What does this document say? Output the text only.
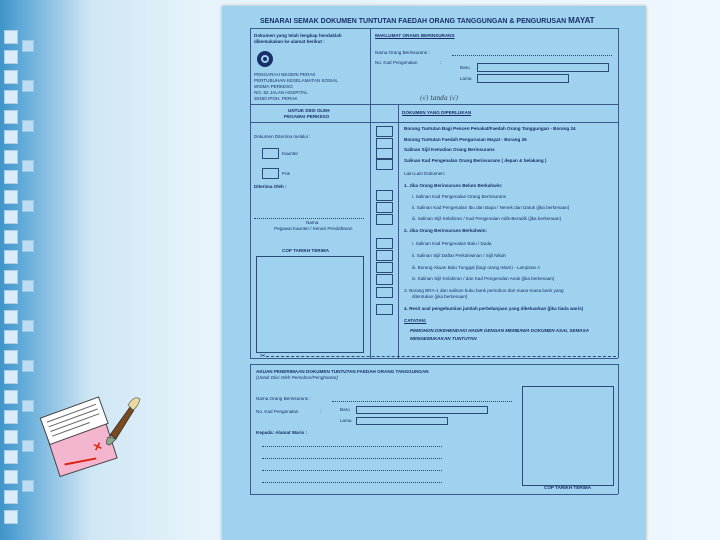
SENARAI SEMAK DOKUMEN TUNTUTAN FAEDAH ORANG TANGGUNGAN & PENGURUSAN MAYAT
Dokumen yang telah lengkap hendaklah
dikemukakan ke alamat berikut :
PENGARAH NEGERI PERAK
PERTUBUHAN KESELAMATAN SOSIAL
WISMA PERKESO
NO. 82 JALAN HOSPITAL
30450 IPOH, PERAK
MAKLUMAT ORANG BERINSURANS
Nama Orang Berinsurans :
No. Kad Pengenalan	:
Baru
Lama
(√) tanda (√)
UNTUK DIISI OLEH
PEGAWAI PERKESO
DOKUMEN YANG DIPERLUKAN
Dokumen Diterima melalui :
Kaunter
Pos
Diterima Oleh :
Nama
Pegawai Kaunter / Kerani Pendaftaran
COP TARIKH TERIMA
Borang Tuntutan Bagi Pencen Penakat/Faedah Orang Tanggungan - Borang 24
Borang Tuntutan Faedah Pengurusan Mayat - Borang 26
Salinan Sijil Kematian Orang Berinsurans
Salinan Kad Pengenalan Orang Berinsurans ( depan & belakang )
Lain-Lain Dokumen:
1. Jika Orang Berinsurans Belum Berkahwin:
i. Salinan Kad Pengenalan Orang Berinsurans
ii. Salinan Kad Pengenalan Ibu dan Bapa / Nenek dan Datuk (jika berkenaan)
iii. Salinan Sijil Kelahiran / Kad Pengenalan Adik-Beradik (jika berkenaan)
2. Jika Orang Berinsurans Berkahwin:
i. Salinan Kad Pengenalan Balu / Duda
ii. Salinan Sijil Daftar Perkahwinan / Sijil Nikah
iii. Borang Akuan Balu Tunggal (bagi orang Islam) - Lampiran A
iv. Salinan Sijil Kelahiran / dan Kad Pengenalan Anak (jika berkenaan)
3. Borang BRA-1 dan salinan buku bank pemohon dari mana-mana bank yang
ditentukan (jika berkenaan)
4. Resit asal pengebumian jumlah perbelanjaan yang dikeluarkan (jika tiada waris)
CATATAN:
PEMOHON DIKEHENDAKI HADIR DENGAN MEMBAWA DOKUMEN ASAL SEMASA
MENGEMUKAKAN TUNTUTAN
✂
AKUAN PENERIMAAN DOKUMEN TUNTUTAN FAEDAH ORANG TANGGUNGAN
(Untuk Diisi Oleh Pemohon/Penghantar)
Nama Orang Berinsurans :
No. Kad Pengenalan	:	Baru
Lama
Kepada: Alamat Waris :
COP TARIKH TERIMA
